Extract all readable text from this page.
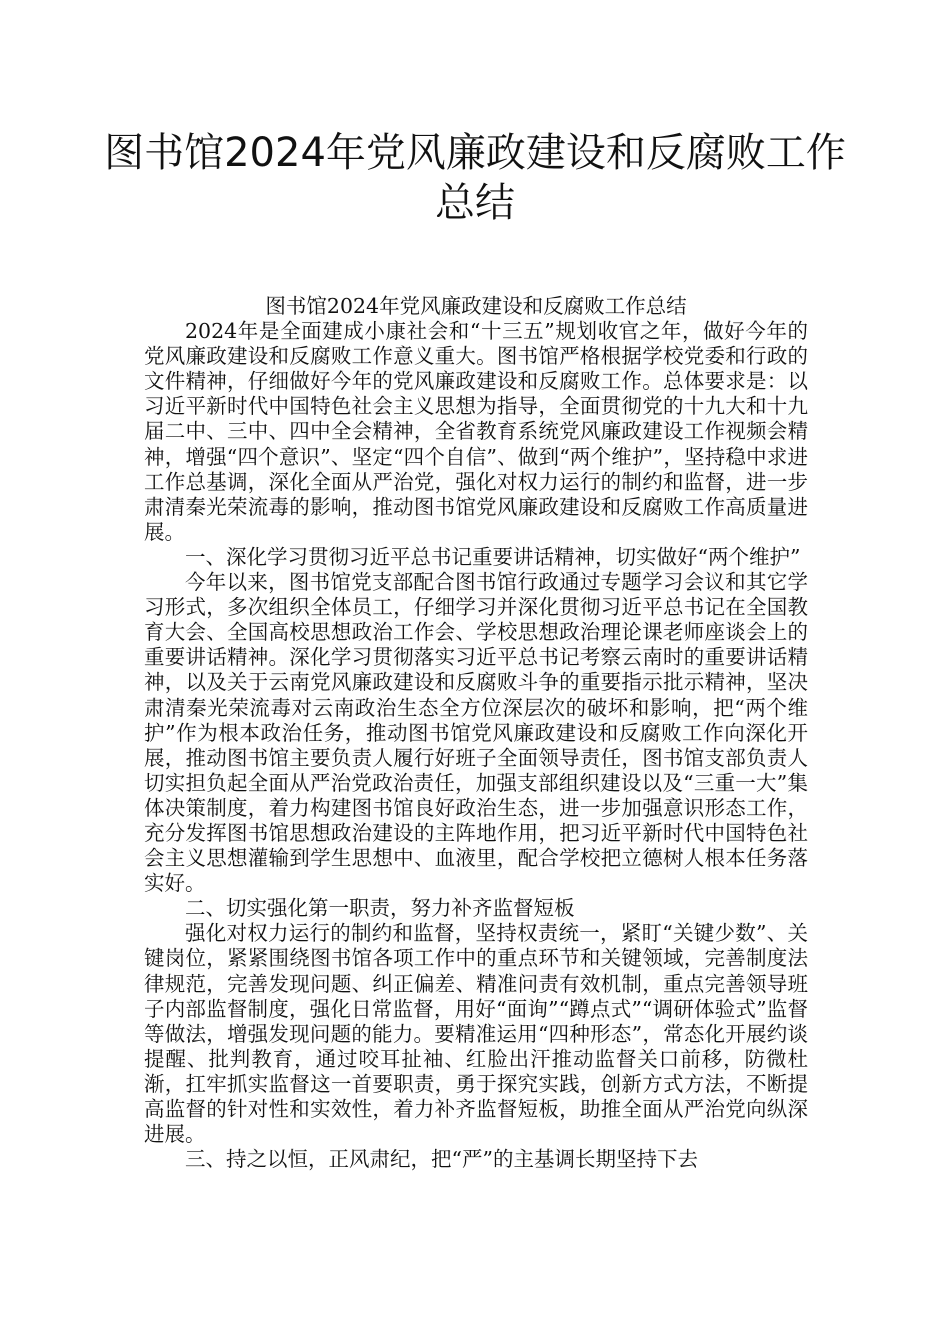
图书馆2024年党风廉政建设和反腐败工作总结

图书馆2024年党风廉政建设和反腐败工作总结

2024年是全面建成小康社会和“十三五”规划收官之年，做好今年的党风廉政建设和反腐败工作意义重大。图书馆严格根据学校党委和行政的文件精神，仔细做好今年的党风廉政建设和反腐败工作。总体要求是：以习近平新时代中国特色社会主义思想为指导，全面贯彻党的十九大和十九届二中、三中、四中全会精神，全省教育系统党风廉政建设工作视频会精神，增强“四个意识”、坚定“四个自信”、做到“两个维护”，坚持稳中求进工作总基调，深化全面从严治党，强化对权力运行的制约和监督，进一步肃清秦光荣流毒的影响，推动图书馆党风廉政建设和反腐败工作高质量进展。

一、深化学习贯彻习近平总书记重要讲话精神，切实做好“两个维护”

今年以来，图书馆党支部配合图书馆行政通过专题学习会议和其它学习形式，多次组织全体员工，仔细学习并深化贯彻习近平总书记在全国教育大会、全国高校思想政治工作会、学校思想政治理论课老师座谈会上的重要讲话精神。深化学习贯彻落实习近平总书记考察云南时的重要讲话精神，以及关于云南党风廉政建设和反腐败斗争的重要指示批示精神，坚决肃清秦光荣流毒对云南政治生态全方位深层次的破坏和影响，把“两个维护”作为根本政治任务，推动图书馆党风廉政建设和反腐败工作向深化开展，推动图书馆主要负责人履行好班子全面领导责任，图书馆支部负责人切实担负起全面从严治党政治责任，加强支部组织建设以及“三重一大”集体决策制度，着力构建图书馆良好政治生态，进一步加强意识形态工作，充分发挥图书馆思想政治建设的主阵地作用，把习近平新时代中国特色社会主义思想灌输到学生思想中、血液里，配合学校把立德树人根本任务落实好。

二、切实强化第一职责，努力补齐监督短板

强化对权力运行的制约和监督，坚持权责统一，紧盯“关键少数”、关键岗位，紧紧围绕图书馆各项工作中的重点环节和关键领域，完善制度法律规范，完善发现问题、纠正偏差、精准问责有效机制，重点完善领导班子内部监督制度，强化日常监督，用好“面询”“蹲点式”“调研体验式”监督等做法，增强发现问题的能力。要精准运用“四种形态”，常态化开展约谈提醒、批判教育，通过咬耳扯袖、红脸出汗推动监督关口前移，防微杜渐，扛牢抓实监督这一首要职责，勇于探究实践，创新方式方法，不断提高监督的针对性和实效性，着力补齐监督短板，助推全面从严治党向纵深进展。

三、持之以恒，正风肃纪，把“严”的主基调长期坚持下去
